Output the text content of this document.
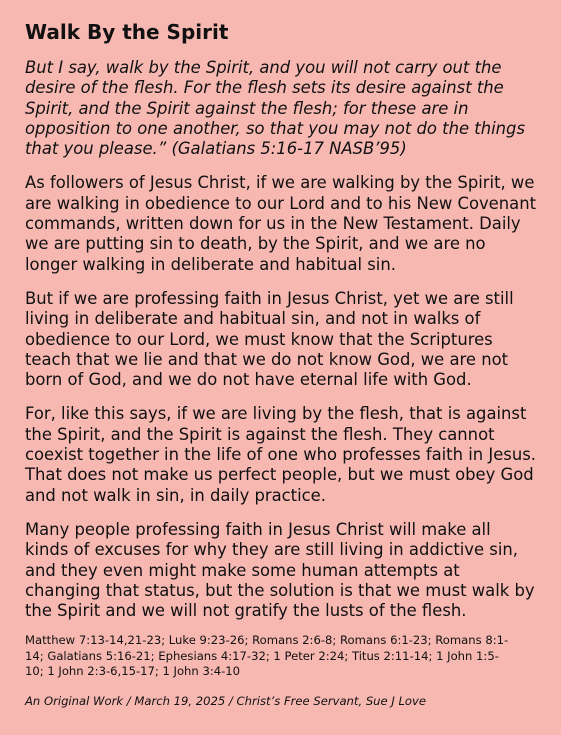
Walk By the Spirit

But I say, walk by the Spirit, and you will not carry out the desire of the flesh. For the flesh sets its desire against the Spirit, and the Spirit against the flesh; for these are in opposition to one another, so that you may not do the things that you please.” (Galatians 5:16-17 NASB’95)

As followers of Jesus Christ, if we are walking by the Spirit, we are walking in obedience to our Lord and to his New Covenant commands, written down for us in the New Testament. Daily we are putting sin to death, by the Spirit, and we are no longer walking in deliberate and habitual sin.

But if we are professing faith in Jesus Christ, yet we are still living in deliberate and habitual sin, and not in walks of obedience to our Lord, we must know that the Scriptures teach that we lie and that we do not know God, we are not born of God, and we do not have eternal life with God.

For, like this says, if we are living by the flesh, that is against the Spirit, and the Spirit is against the flesh. They cannot coexist together in the life of one who professes faith in Jesus. That does not make us perfect people, but we must obey God and not walk in sin, in daily practice.

Many people professing faith in Jesus Christ will make all kinds of excuses for why they are still living in addictive sin, and they even might make some human attempts at changing that status, but the solution is that we must walk by the Spirit and we will not gratify the lusts of the flesh.

Matthew 7:13-14,21-23; Luke 9:23-26; Romans 2:6-8; Romans 6:1-23; Romans 8:1-14; Galatians 5:16-21; Ephesians 4:17-32; 1 Peter 2:24; Titus 2:11-14; 1 John 1:5-10; 1 John 2:3-6,15-17; 1 John 3:4-10
An Original Work / March 19, 2025 / Christ’s Free Servant, Sue J Love
